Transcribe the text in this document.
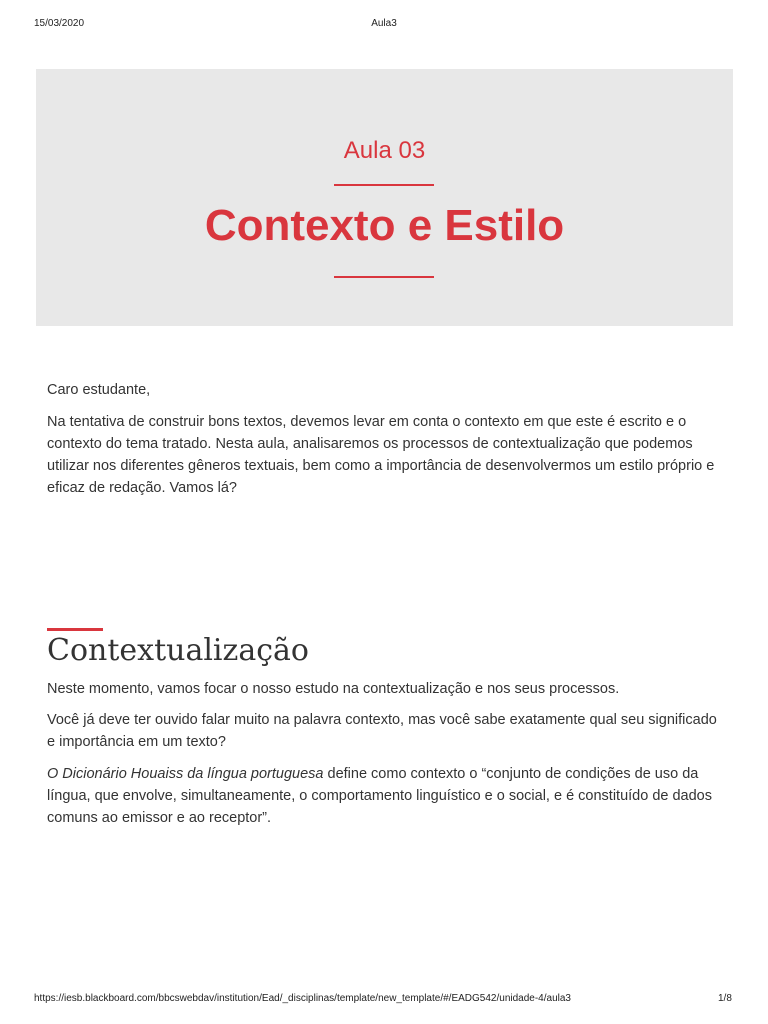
15/03/2020	Aula3
Aula 03
Contexto e Estilo

Caro estudante,

Na tentativa de construir bons textos, devemos levar em conta o contexto em que este é escrito e o contexto do tema tratado. Nesta aula, analisaremos os processos de contextualização que podemos utilizar nos diferentes gêneros textuais, bem como a importância de desenvolvermos um estilo próprio e eficaz de redação. Vamos lá?

Contextualização

Neste momento, vamos focar o nosso estudo na contextualização e nos seus processos.

Você já deve ter ouvido falar muito na palavra contexto, mas você sabe exatamente qual seu significado e importância em um texto?

O Dicionário Houaiss da língua portuguesa define como contexto o “conjunto de condições de uso da língua, que envolve, simultaneamente, o comportamento linguístico e o social, e é constituído de dados comuns ao emissor e ao receptor”.

https://iesb.blackboard.com/bbcswebdav/institution/Ead/_disciplinas/template/new_template/#/EADG542/unidade-4/aula3	1/8
